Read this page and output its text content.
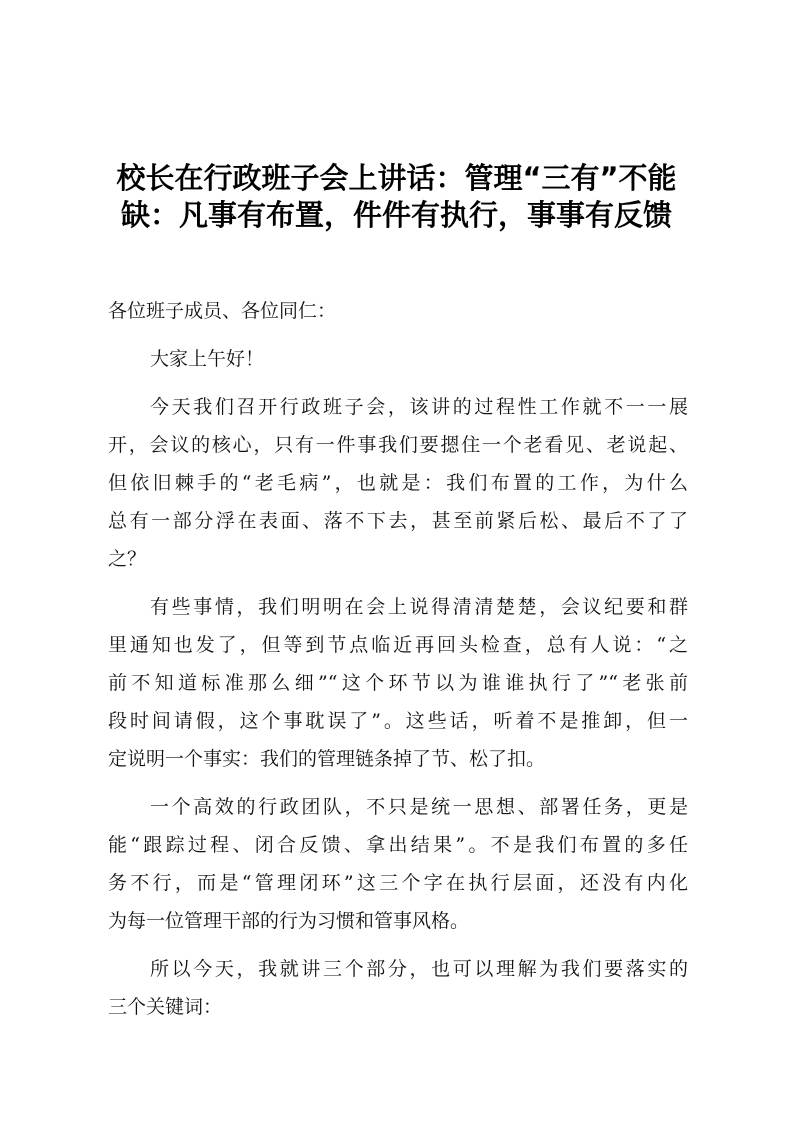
校长在行政班子会上讲话：管理“三有”不能
缺：凡事有布置，件件有执行，事事有反馈
各位班子成员、各位同仁：
大家上午好！
今天我们召开行政班子会，该讲的过程性工作就不一一展
开，会议的核心，只有一件事我们要摁住一个老看见、老说起、
但依旧棘手的“老毛病”，也就是：我们布置的工作，为什么
总有一部分浮在表面、落不下去，甚至前紧后松、最后不了了
之？
有些事情，我们明明在会上说得清清楚楚，会议纪要和群
里通知也发了，但等到节点临近再回头检查，总有人说：“之
前不知道标准那么细”“这个环节以为谁谁执行了”“老张前
段时间请假，这个事耽误了”。这些话，听着不是推卸，但一
定说明一个事实：我们的管理链条掉了节、松了扣。
一个高效的行政团队，不只是统一思想、部署任务，更是
能“跟踪过程、闭合反馈、拿出结果”。不是我们布置的多任
务不行，而是“管理闭环”这三个字在执行层面，还没有内化
为每一位管理干部的行为习惯和管事风格。
所以今天，我就讲三个部分，也可以理解为我们要落实的
三个关键词：
